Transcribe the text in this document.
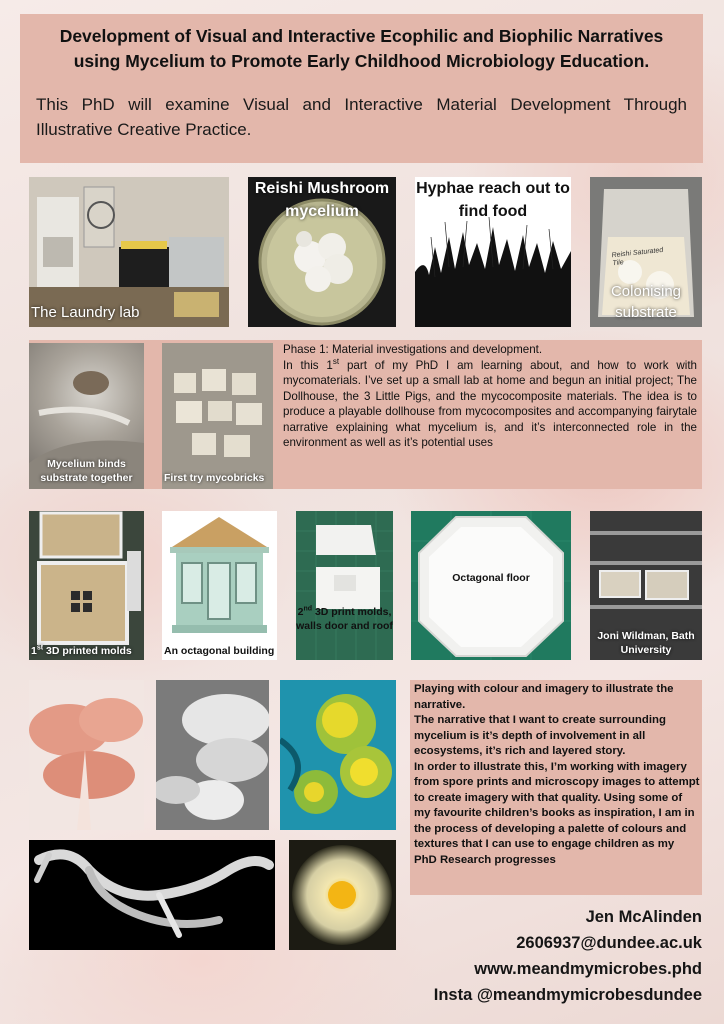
Development of Visual and Interactive Ecophilic and Biophilic Narratives using Mycelium to Promote Early Childhood Microbiology Education.

This PhD will examine Visual and Interactive Material Development Through Illustrative Creative Practice.

The Laundry lab
Reishi Mushroom mycelium
Hyphae reach out to find food
Reishi Saturated Tile
Colonising substrate
Mycelium binds substrate together	First try mycobricks
Phase 1: Material investigations and development.
In this 1st part of my PhD I am learning about, and how to work with mycomaterials. I’ve set up a small lab at home and begun an initial project; The Dollhouse, the 3 Little Pigs, and the mycocomposite materials. The idea is to produce a playable dollhouse from mycocomposites and accompanying fairytale narrative explaining what mycelium is, and it’s interconnected role in the environment as well as it’s potential uses
1st 3D printed molds	An octagonal building
2nd 3D print molds, walls door and roof
Octagonal floor
Joni Wildman, Bath University
Playing with colour and imagery to illustrate the narrative.
The narrative that I want to create surrounding mycelium is it’s depth of involvement in all ecosystems, it’s rich and layered story.
In order to illustrate this, I’m working with imagery from spore prints and microscopy images to attempt to create imagery with that quality. Using some of my favourite children’s books as inspiration, I am in the process of developing a palette of colours and textures that I can use to engage children as my PhD Research progresses
Jen McAlinden
2606937@dundee.ac.uk
www.meandmymicrobes.phd
Insta @meandmymicrobesdundee
